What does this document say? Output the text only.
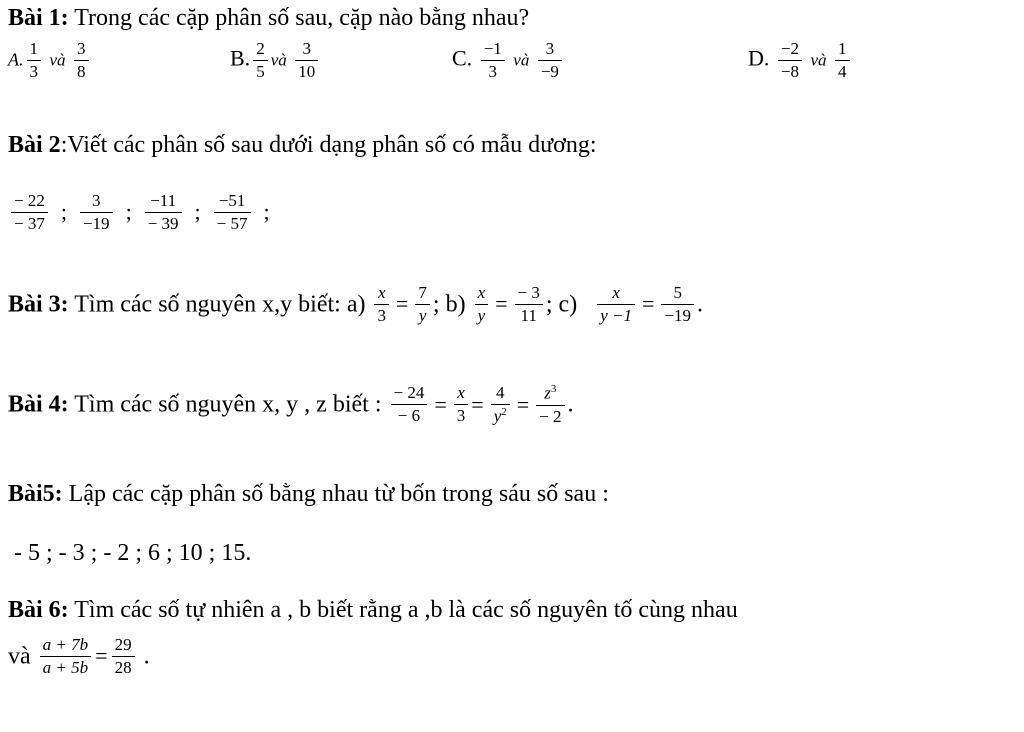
Bài 1: Trong các cặp phân số sau, cặp nào bằng nhau?
A. $\frac{1}{3}$ và $\frac{3}{8}$	B. $\frac{2}{5}$ và $\frac{3}{10}$	C. $\frac{-1}{3}$ và $\frac{3}{-9}$	D. $\frac{-2}{-8}$ và $\frac{1}{4}$
Bài 2:Viết các phân số sau dưới dạng phân số có mẫu dương:
$\frac{- 22}{- 37}$ ; $\frac{3}{-19}$ ; $\frac{-11}{- 39}$ ; $\frac{-51}{- 57}$ ;
Bài 3: Tìm các số nguyên x,y biết: $a) \frac{x}{3} = \frac{7}{y}$ ; $b) \frac{x}{y} = \frac{- 3}{11}$ ; $c) \frac{x}{y -1} = \frac{5}{-19}$ .
Bài 4: Tìm các số nguyên x, y , z biết : $\frac{- 24}{- 6} = \frac{x}{3} = \frac{4}{y^2} = \frac{z^3}{- 2}$ .
Bài5: Lập các cặp phân số bằng nhau từ bốn trong sáu số sau :
- 5 ; - 3 ; - 2 ; 6 ; 10 ; 15.
Bài 6: Tìm các số tự nhiên a , b biết rằng a ,b là các số nguyên tố cùng nhau
và $\frac{a + 7b}{a + 5b} = \frac{29}{28}$ .
